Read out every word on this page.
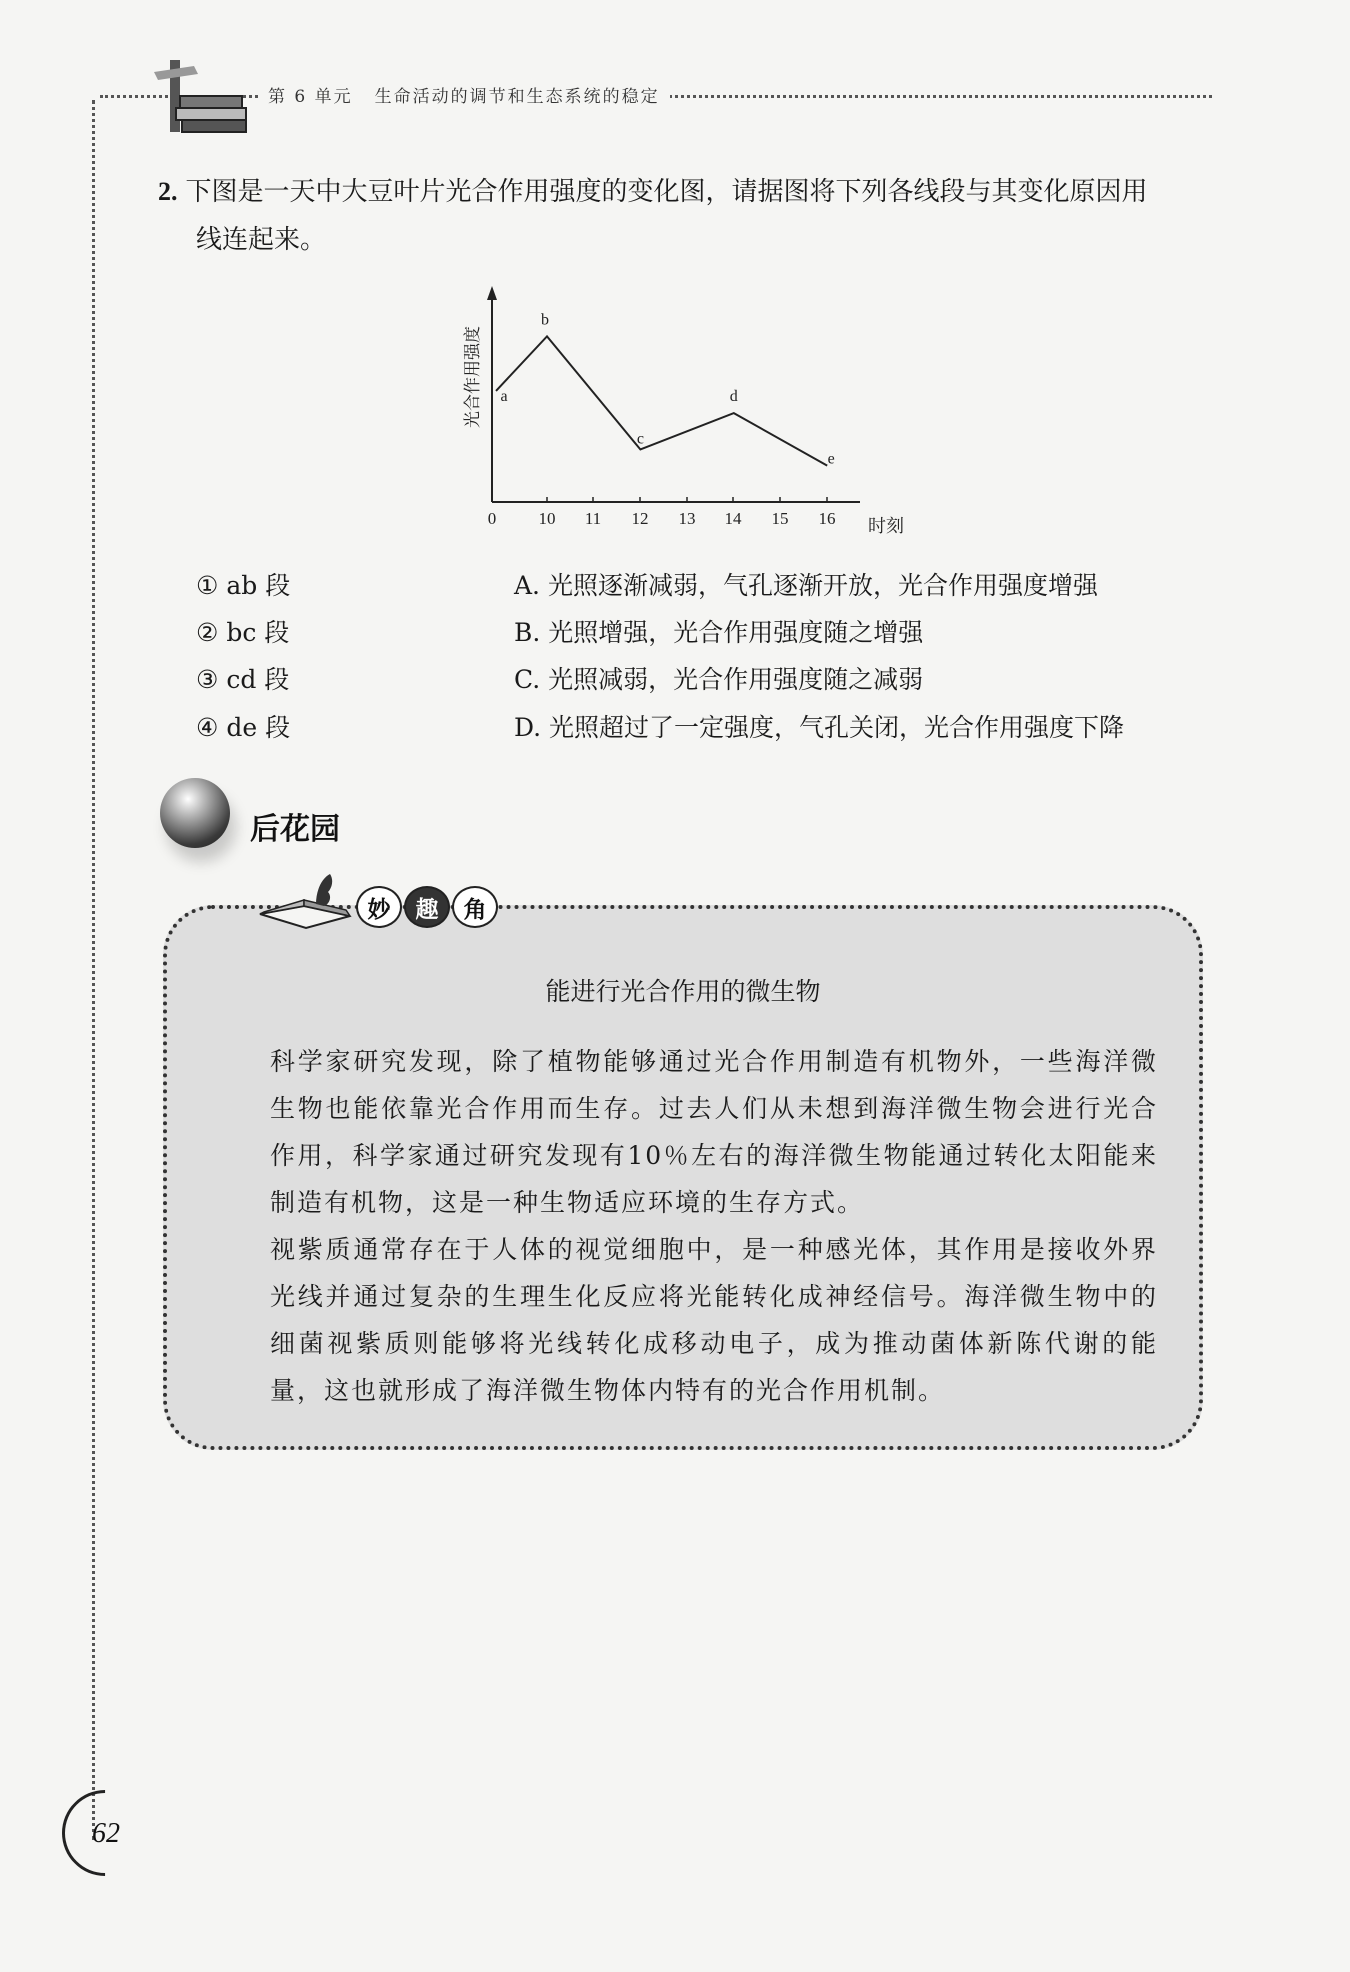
第 6 单元 生命活动的调节和生态系统的稳定
2. 下图是一天中大豆叶片光合作用强度的变化图，请据图将下列各线段与其变化原因用
线连起来。
光合作用强度
时刻
0 10 11 12 13 14 15 16
a
b
c
d
e
① ab 段
② bc 段
③ cd 段
④ de 段
A. 光照逐渐减弱，气孔逐渐开放，光合作用强度增强
B. 光照增强，光合作用强度随之增强
C. 光照减弱，光合作用强度随之减弱
D. 光照超过了一定强度，气孔关闭，光合作用强度下降
后花园
妙	趣	角
能进行光合作用的微生物
科学家研究发现，除了植物能够通过光合作用制造有机物外，一些海洋微生物也能依靠光合作用而生存。过去人们从未想到海洋微生物会进行光合作用，科学家通过研究发现有10％左右的海洋微生物能通过转化太阳能来制造有机物，这是一种生物适应环境的生存方式。
视紫质通常存在于人体的视觉细胞中，是一种感光体，其作用是接收外界光线并通过复杂的生理生化反应将光能转化成神经信号。海洋微生物中的细菌视紫质则能够将光线转化成移动电子，成为推动菌体新陈代谢的能量，这也就形成了海洋微生物体内特有的光合作用机制。
62
